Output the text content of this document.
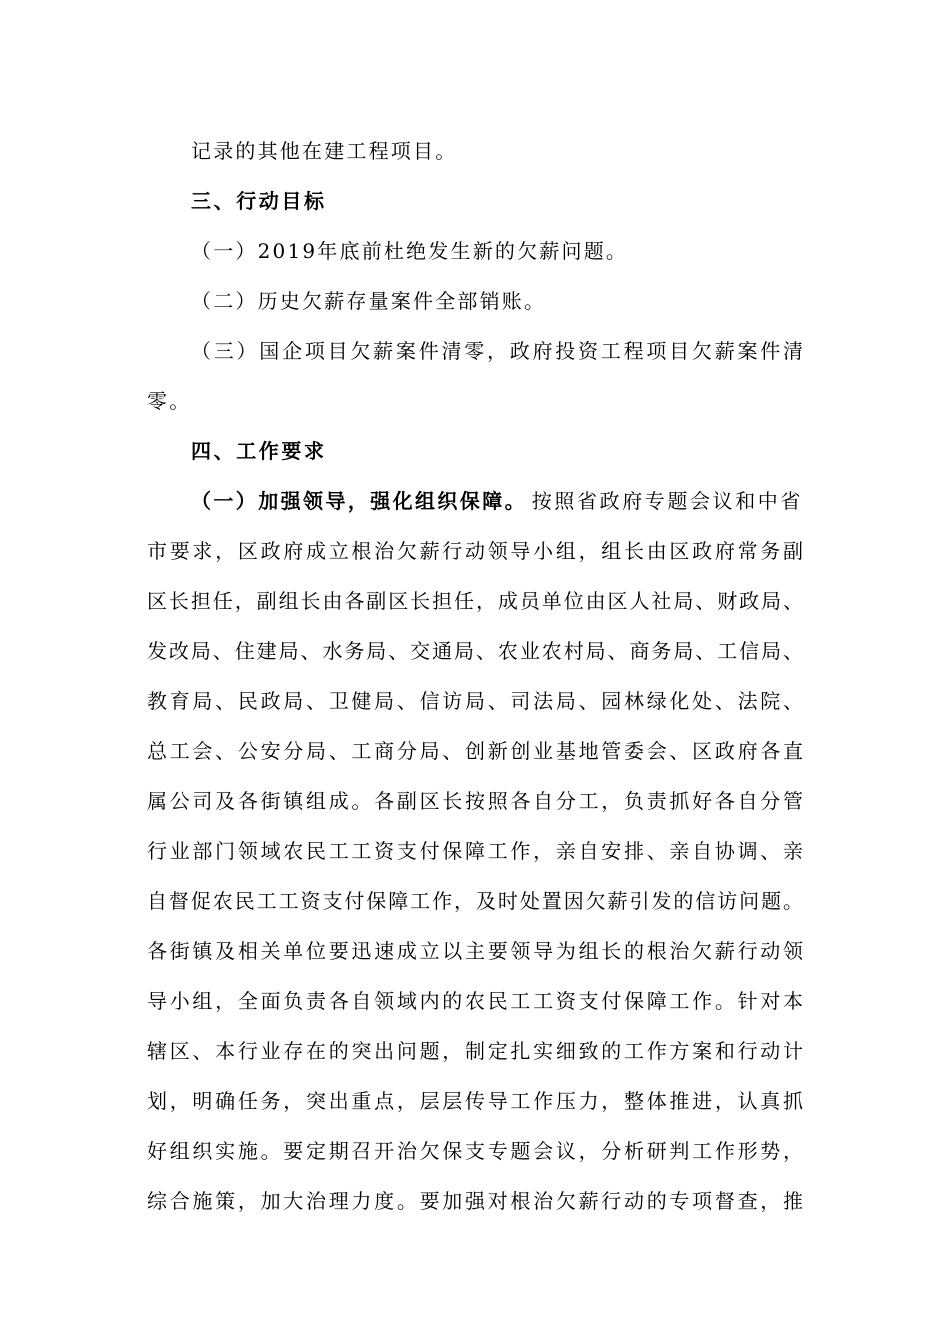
记录的其他在建工程项目。
三、行动目标
（一）2019年底前杜绝发生新的欠薪问题。
（二）历史欠薪存量案件全部销账。
（三）国企项目欠薪案件清零，政府投资工程项目欠薪案件清
零。
四、工作要求
（一）加强领导，强化组织保障。 按照省政府专题会议和中省
市要求，区政府成立根治欠薪行动领导小组，组长由区政府常务副
区长担任，副组长由各副区长担任，成员单位由区人社局、财政局、
发改局、住建局、水务局、交通局、农业农村局、商务局、工信局、
教育局、民政局、卫健局、信访局、司法局、园林绿化处、法院、
总工会、公安分局、工商分局、创新创业基地管委会、区政府各直
属公司及各街镇组成。各副区长按照各自分工，负责抓好各自分管
行业部门领域农民工工资支付保障工作，亲自安排、亲自协调、亲
自督促农民工工资支付保障工作，及时处置因欠薪引发的信访问题。
各街镇及相关单位要迅速成立以主要领导为组长的根治欠薪行动领
导小组，全面负责各自领域内的农民工工资支付保障工作。针对本
辖区、本行业存在的突出问题，制定扎实细致的工作方案和行动计
划，明确任务，突出重点，层层传导工作压力，整体推进，认真抓
好组织实施。要定期召开治欠保支专题会议，分析研判工作形势，
综合施策，加大治理力度。要加强对根治欠薪行动的专项督查，推
